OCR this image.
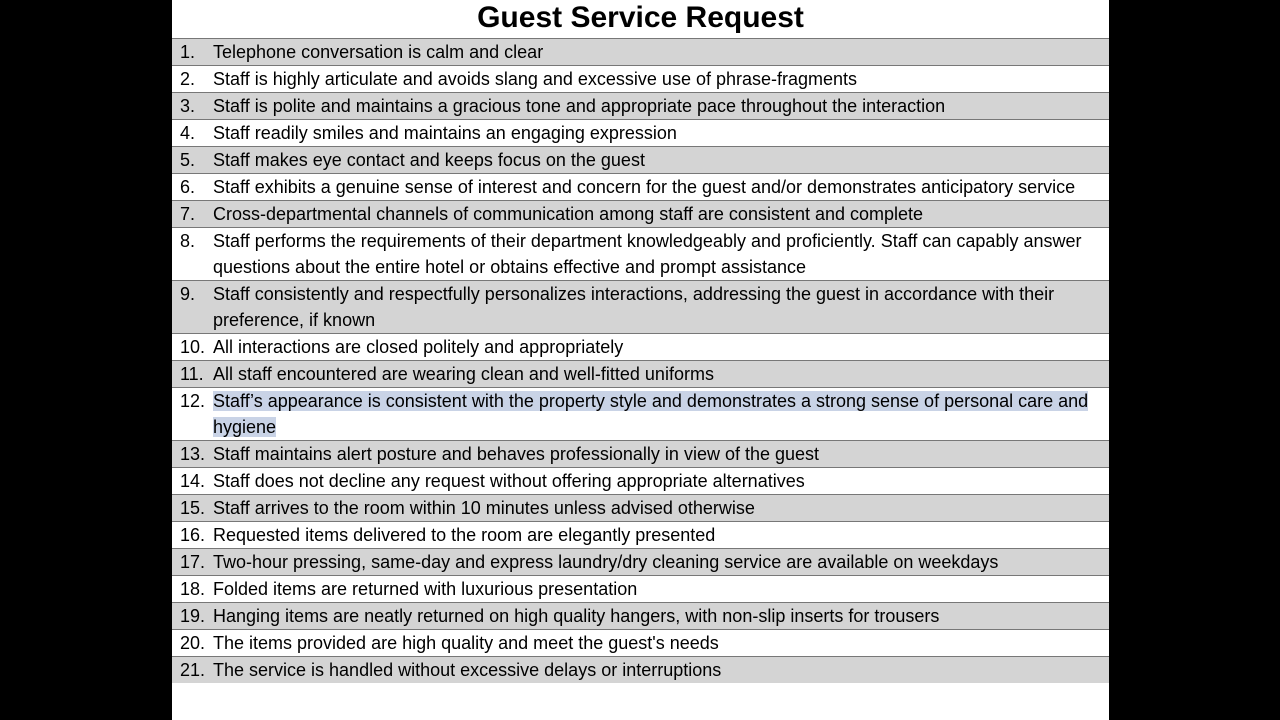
Guest Service Request
1. Telephone conversation is calm and clear
2. Staff is highly articulate and avoids slang and excessive use of phrase-fragments
3. Staff is polite and maintains a gracious tone and appropriate pace throughout the interaction
4. Staff readily smiles and maintains an engaging expression
5. Staff makes eye contact and keeps focus on the guest
6. Staff exhibits a genuine sense of interest and concern for the guest and/or demonstrates anticipatory service
7. Cross-departmental channels of communication among staff are consistent and complete
8. Staff performs the requirements of their department knowledgeably and proficiently. Staff can capably answer questions about the entire hotel or obtains effective and prompt assistance
9. Staff consistently and respectfully personalizes interactions, addressing the guest in accordance with their preference, if known
10. All interactions are closed politely and appropriately
11. All staff encountered are wearing clean and well-fitted uniforms
12. Staff’s appearance is consistent with the property style and demonstrates a strong sense of personal care and hygiene
13. Staff maintains alert posture and behaves professionally in view of the guest
14. Staff does not decline any request without offering appropriate alternatives
15. Staff arrives to the room within 10 minutes unless advised otherwise
16. Requested items delivered to the room are elegantly presented
17. Two-hour pressing, same-day and express laundry/dry cleaning service are available on weekdays
18. Folded items are returned with luxurious presentation
19. Hanging items are neatly returned on high quality hangers, with non-slip inserts for trousers
20. The items provided are high quality and meet the guest's needs
21. The service is handled without excessive delays or interruptions
